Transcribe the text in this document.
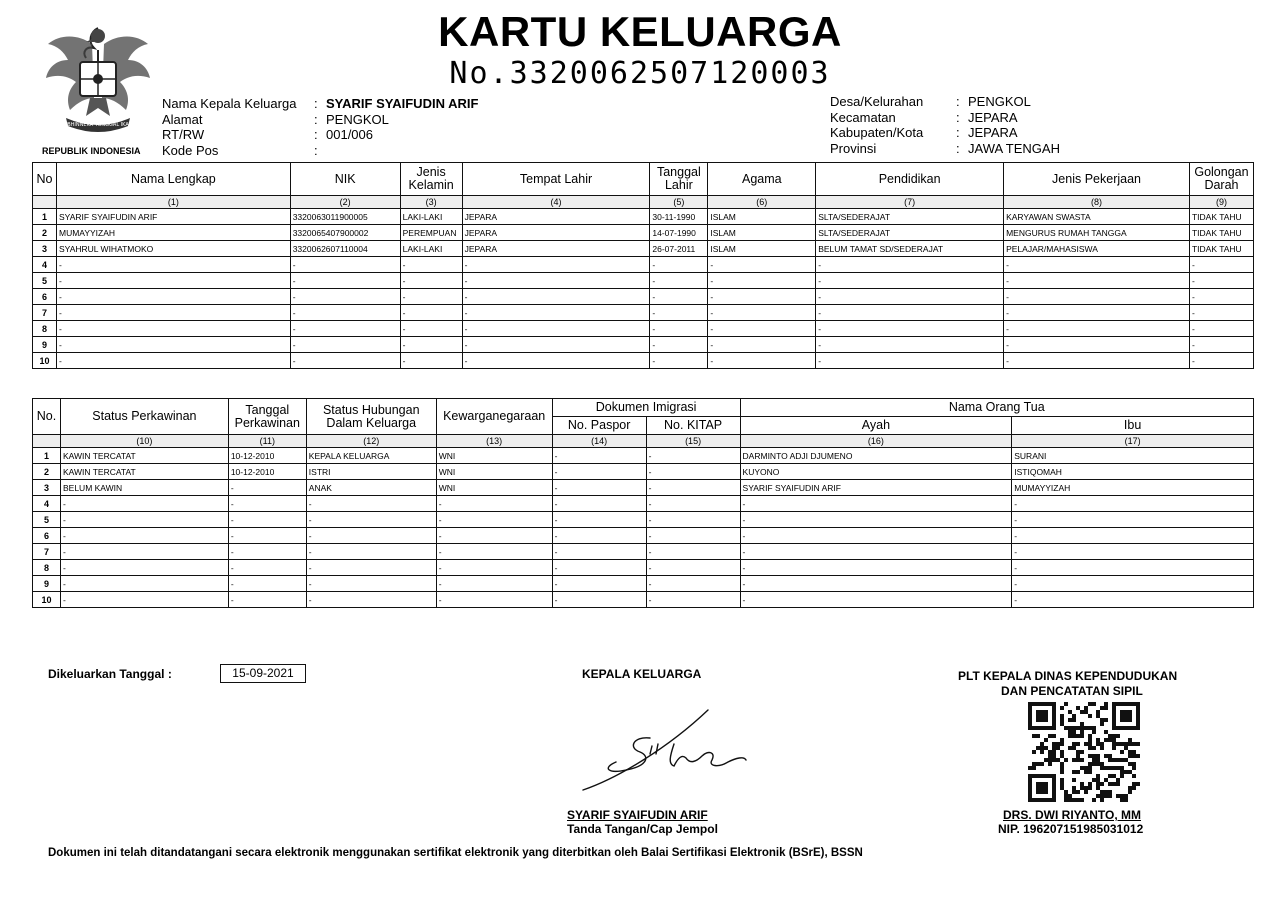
KARTU KELUARGA
No.3320062507120003
BHINNEKA TUNGGAL IKA
REPUBLIK INDONESIA
Nama Kepala Keluarga	: SYARIF SYAIFUDIN ARIF
Alamat	: PENGKOL
RT/RW	: 001/006
Kode Pos	:
Desa/Kelurahan	: PENGKOL
Kecamatan	: JEPARA
Kabupaten/Kota	: JEPARA
Provinsi	: JAWA TENGAH
No	Nama Lengkap	NIK	Jenis Kelamin	Tempat Lahir	Tanggal Lahir	Agama	Pendidikan	Jenis Pekerjaan	Golongan Darah
	(1)	(2)	(3)	(4)	(5)	(6)	(7)	(8)	(9)
1	SYARIF SYAIFUDIN ARIF	3320063011900005	LAKI-LAKI	JEPARA	30-11-1990	ISLAM	SLTA/SEDERAJAT	KARYAWAN SWASTA	TIDAK TAHU
2	MUMAYYIZAH	3320065407900002	PEREMPUAN	JEPARA	14-07-1990	ISLAM	SLTA/SEDERAJAT	MENGURUS RUMAH TANGGA	TIDAK TAHU
3	SYAHRUL WIHATMOKO	3320062607110004	LAKI-LAKI	JEPARA	26-07-2011	ISLAM	BELUM TAMAT SD/SEDERAJAT	PELAJAR/MAHASISWA	TIDAK TAHU
4	-	-	-	-	-	-	-	-	-
5	-	-	-	-	-	-	-	-	-
6	-	-	-	-	-	-	-	-	-
7	-	-	-	-	-	-	-	-	-
8	-	-	-	-	-	-	-	-	-
9	-	-	-	-	-	-	-	-	-
10	-	-	-	-	-	-	-	-	-
No.	Status Perkawinan	Tanggal Perkawinan	Status Hubungan Dalam Keluarga	Kewarganegaraan	Dokumen Imigrasi		Nama Orang Tua	
					No. Paspor	No. KITAP	Ayah	Ibu
	(10)	(11)	(12)	(13)	(14)	(15)	(16)	(17)
1	KAWIN TERCATAT	10-12-2010	KEPALA KELUARGA	WNI	-	-	DARMINTO ADJI DJUMENO	SURANI
2	KAWIN TERCATAT	10-12-2010	ISTRI	WNI	-	-	KUYONO	ISTIQOMAH
3	BELUM KAWIN	-	ANAK	WNI	-	-	SYARIF SYAIFUDIN ARIF	MUMAYYIZAH
4	-	-	-	-	-	-	-	-
5	-	-	-	-	-	-	-	-
6	-	-	-	-	-	-	-	-
7	-	-	-	-	-	-	-	-
8	-	-	-	-	-	-	-	-
9	-	-	-	-	-	-	-	-
10	-	-	-	-	-	-	-	-
Dikeluarkan Tanggal :	15-09-2021	KEPALA KELUARGA
SYARIF SYAIFUDIN ARIF
Tanda Tangan/Cap Jempol
PLT KEPALA DINAS KEPENDUDUKAN
DAN PENCATATAN SIPIL
DRS. DWI RIYANTO, MM
NIP. 196207151985031012
Dokumen ini telah ditandatangani secara elektronik menggunakan sertifikat elektronik yang diterbitkan oleh Balai Sertifikasi Elektronik (BSrE), BSSN
